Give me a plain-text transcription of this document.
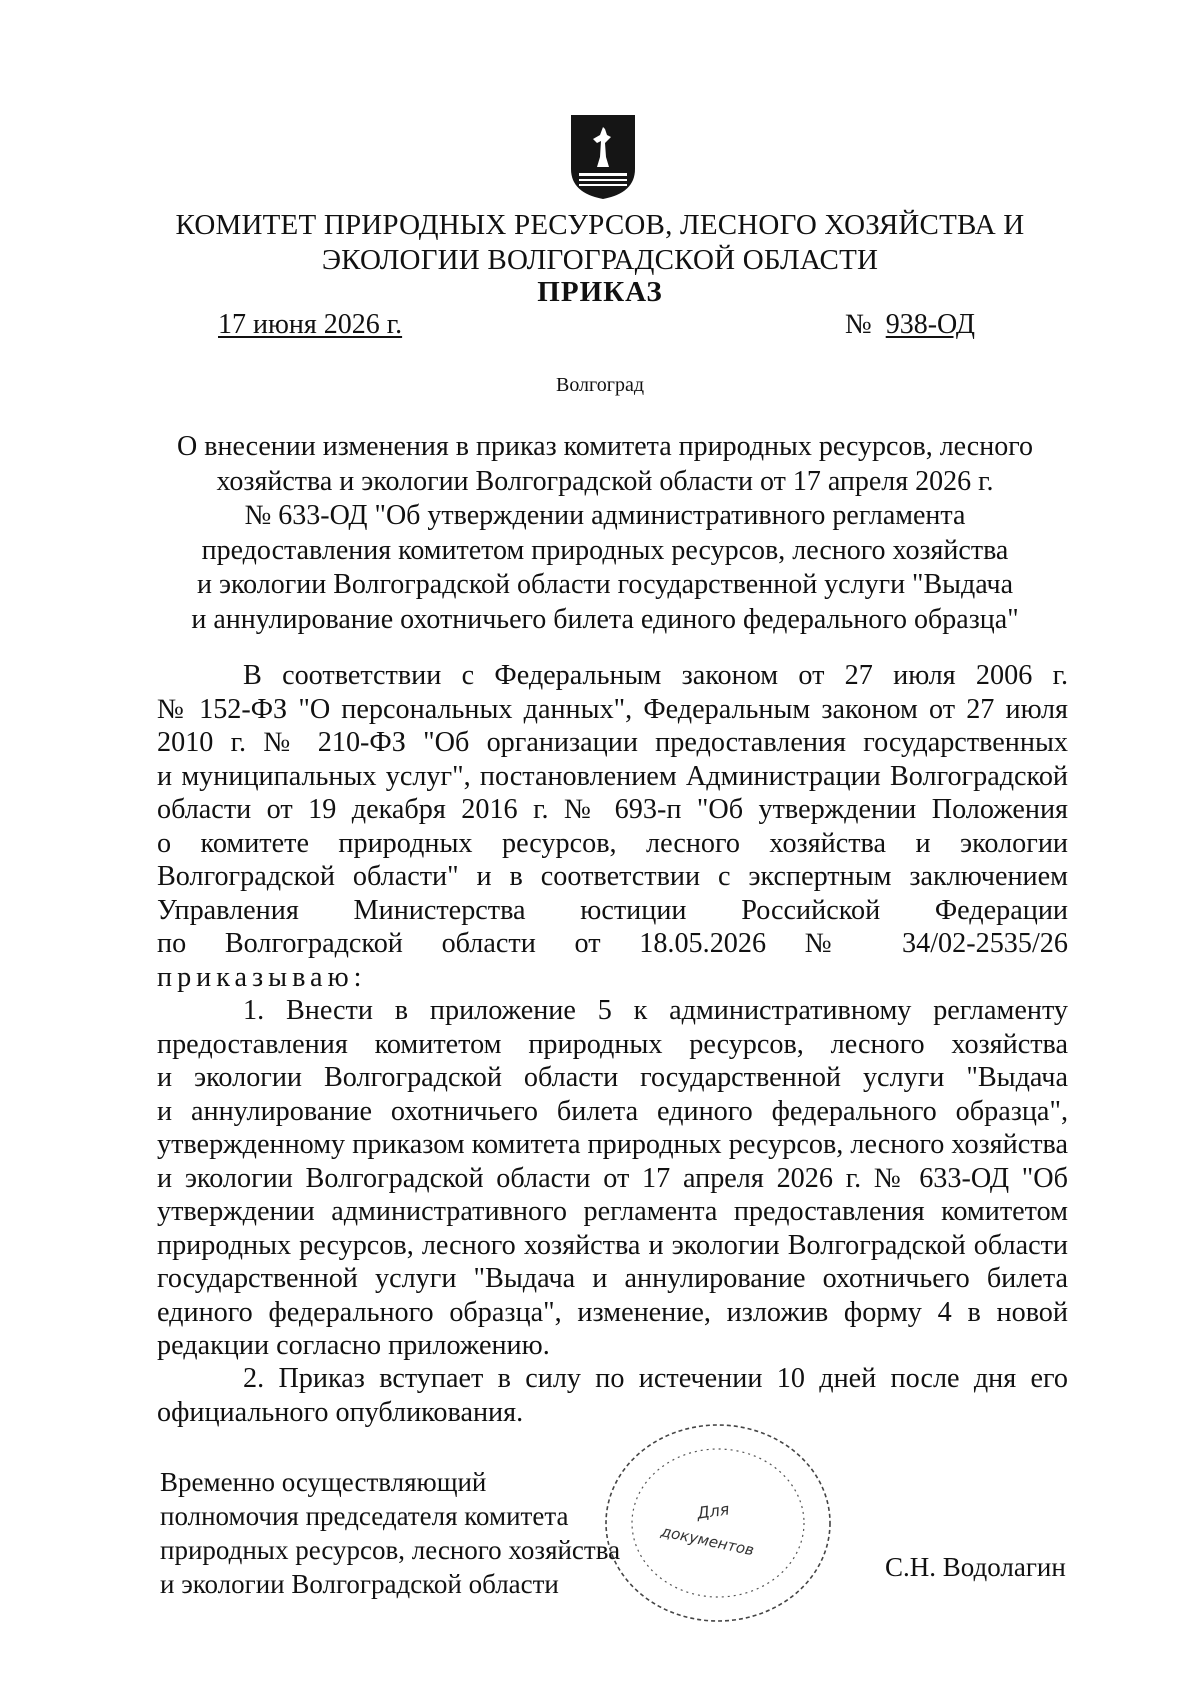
КОМИТЕТ ПРИРОДНЫХ РЕСУРСОВ, ЛЕСНОГО ХОЗЯЙСТВА И
ЭКОЛОГИИ ВОЛГОГРАДСКОЙ ОБЛАСТИ
ПРИКАЗ
17 июня 2026 г.	№ 938-ОД
Волгоград
О внесении изменения в приказ комитета природных ресурсов, лесного
хозяйства и экологии Волгоградской области от 17 апреля 2026 г.
№ 633-ОД "Об утверждении административного регламента
предоставления комитетом природных ресурсов, лесного хозяйства
и экологии Волгоградской области государственной услуги "Выдача
и аннулирование охотничьего билета единого федерального образца"
В соответствии с Федеральным законом от 27 июля 2006 г.
№ 152-ФЗ "О персональных данных", Федеральным законом от 27 июля
2010 г. № 210-ФЗ "Об организации предоставления государственных
и муниципальных услуг", постановлением Администрации Волгоградской
области от 19 декабря 2016 г. № 693-п "Об утверждении Положения
о комитете природных ресурсов, лесного хозяйства и экологии
Волгоградской области" и в соответствии с экспертным заключением
Управления Министерства юстиции Российской Федерации
по Волгоградской области от 18.05.2026 № 34/02-2535/26
приказываю:
1. Внести в приложение 5 к административному регламенту
предоставления комитетом природных ресурсов, лесного хозяйства
и экологии Волгоградской области государственной услуги "Выдача
и аннулирование охотничьего билета единого федерального образца",
утвержденному приказом комитета природных ресурсов, лесного хозяйства
и экологии Волгоградской области от 17 апреля 2026 г. № 633-ОД "Об
утверждении административного регламента предоставления комитетом
природных ресурсов, лесного хозяйства и экологии Волгоградской области
государственной услуги "Выдача и аннулирование охотничьего билета
единого федерального образца", изменение, изложив форму 4 в новой
редакции согласно приложению.
2. Приказ вступает в силу по истечении 10 дней после дня его
официального опубликования.
Временно осуществляющий
полномочия председателя комитета
природных ресурсов, лесного хозяйства
и экологии Волгоградской области
Для
документов
С.Н. Водолагин
